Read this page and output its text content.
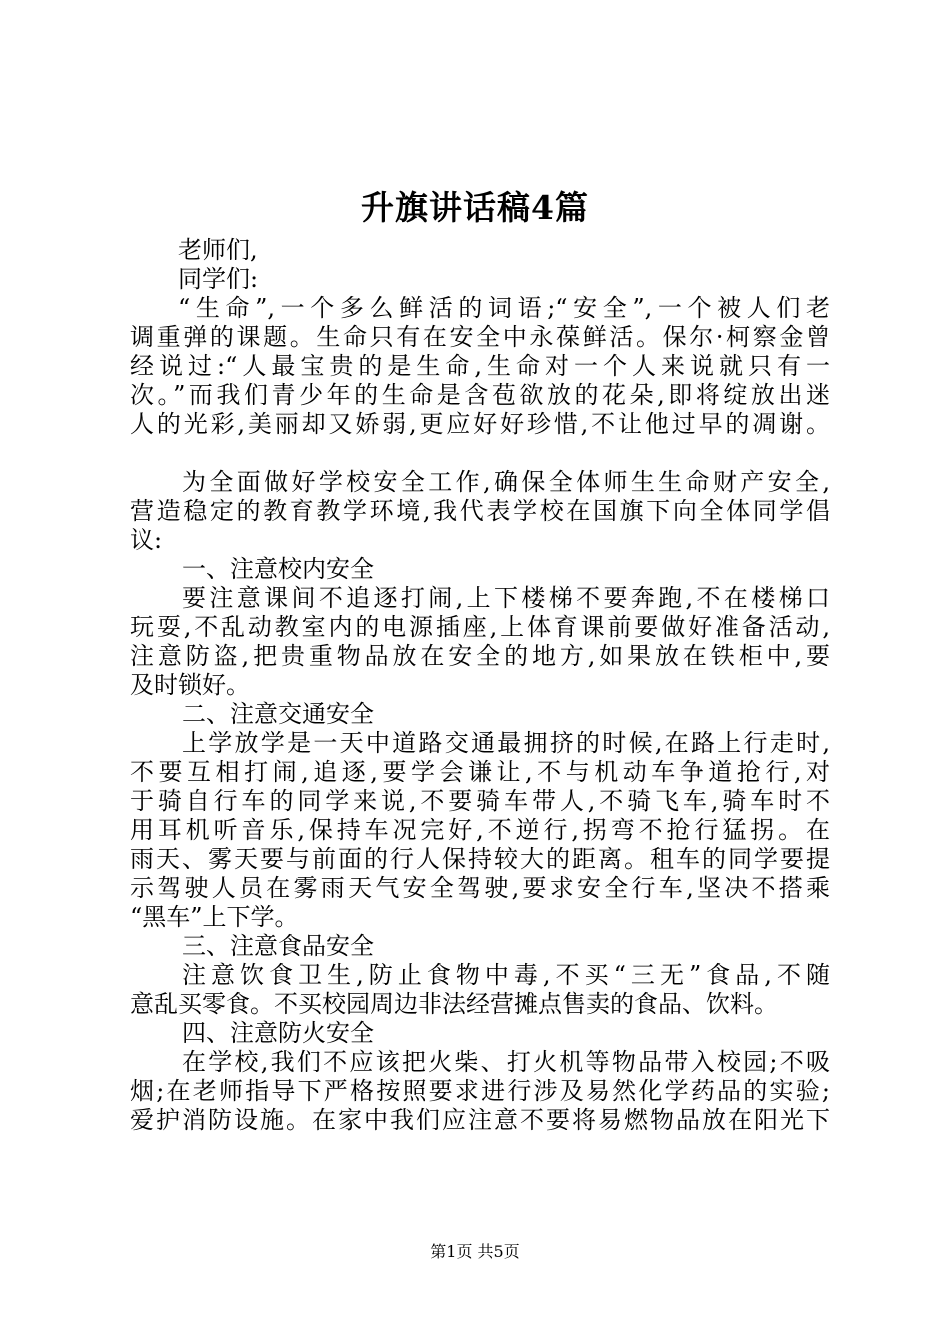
升旗讲话稿4篇
老师们,
同学们:
“生命”,一个多么鲜活的词语;“安全”,一个被人们老
调重弹的课题。生命只有在安全中永葆鲜活。保尔·柯察金曾
经说过:“人最宝贵的是生命,生命对一个人来说就只有一
次。”而我们青少年的生命是含苞欲放的花朵,即将绽放出迷
人的光彩,美丽却又娇弱,更应好好珍惜,不让他过早的凋谢。
为全面做好学校安全工作,确保全体师生生命财产安全,
营造稳定的教育教学环境,我代表学校在国旗下向全体同学倡
议:
一、注意校内安全
要注意课间不追逐打闹,上下楼梯不要奔跑,不在楼梯口
玩耍,不乱动教室内的电源插座,上体育课前要做好准备活动,
注意防盗,把贵重物品放在安全的地方,如果放在铁柜中,要
及时锁好。
二、注意交通安全
上学放学是一天中道路交通最拥挤的时候,在路上行走时,
不要互相打闹,追逐,要学会谦让,不与机动车争道抢行,对
于骑自行车的同学来说,不要骑车带人,不骑飞车,骑车时不
用耳机听音乐,保持车况完好,不逆行,拐弯不抢行猛拐。在
雨天、雾天要与前面的行人保持较大的距离。租车的同学要提
示驾驶人员在雾雨天气安全驾驶,要求安全行车,坚决不搭乘
“黑车”上下学。
三、注意食品安全
注意饮食卫生,防止食物中毒,不买“三无”食品,不随
意乱买零食。不买校园周边非法经营摊点售卖的食品、饮料。
四、注意防火安全
在学校,我们不应该把火柴、打火机等物品带入校园;不吸
烟;在老师指导下严格按照要求进行涉及易然化学药品的实验;
爱护消防设施。在家中我们应注意不要将易燃物品放在阳光下
第1页 共5页
